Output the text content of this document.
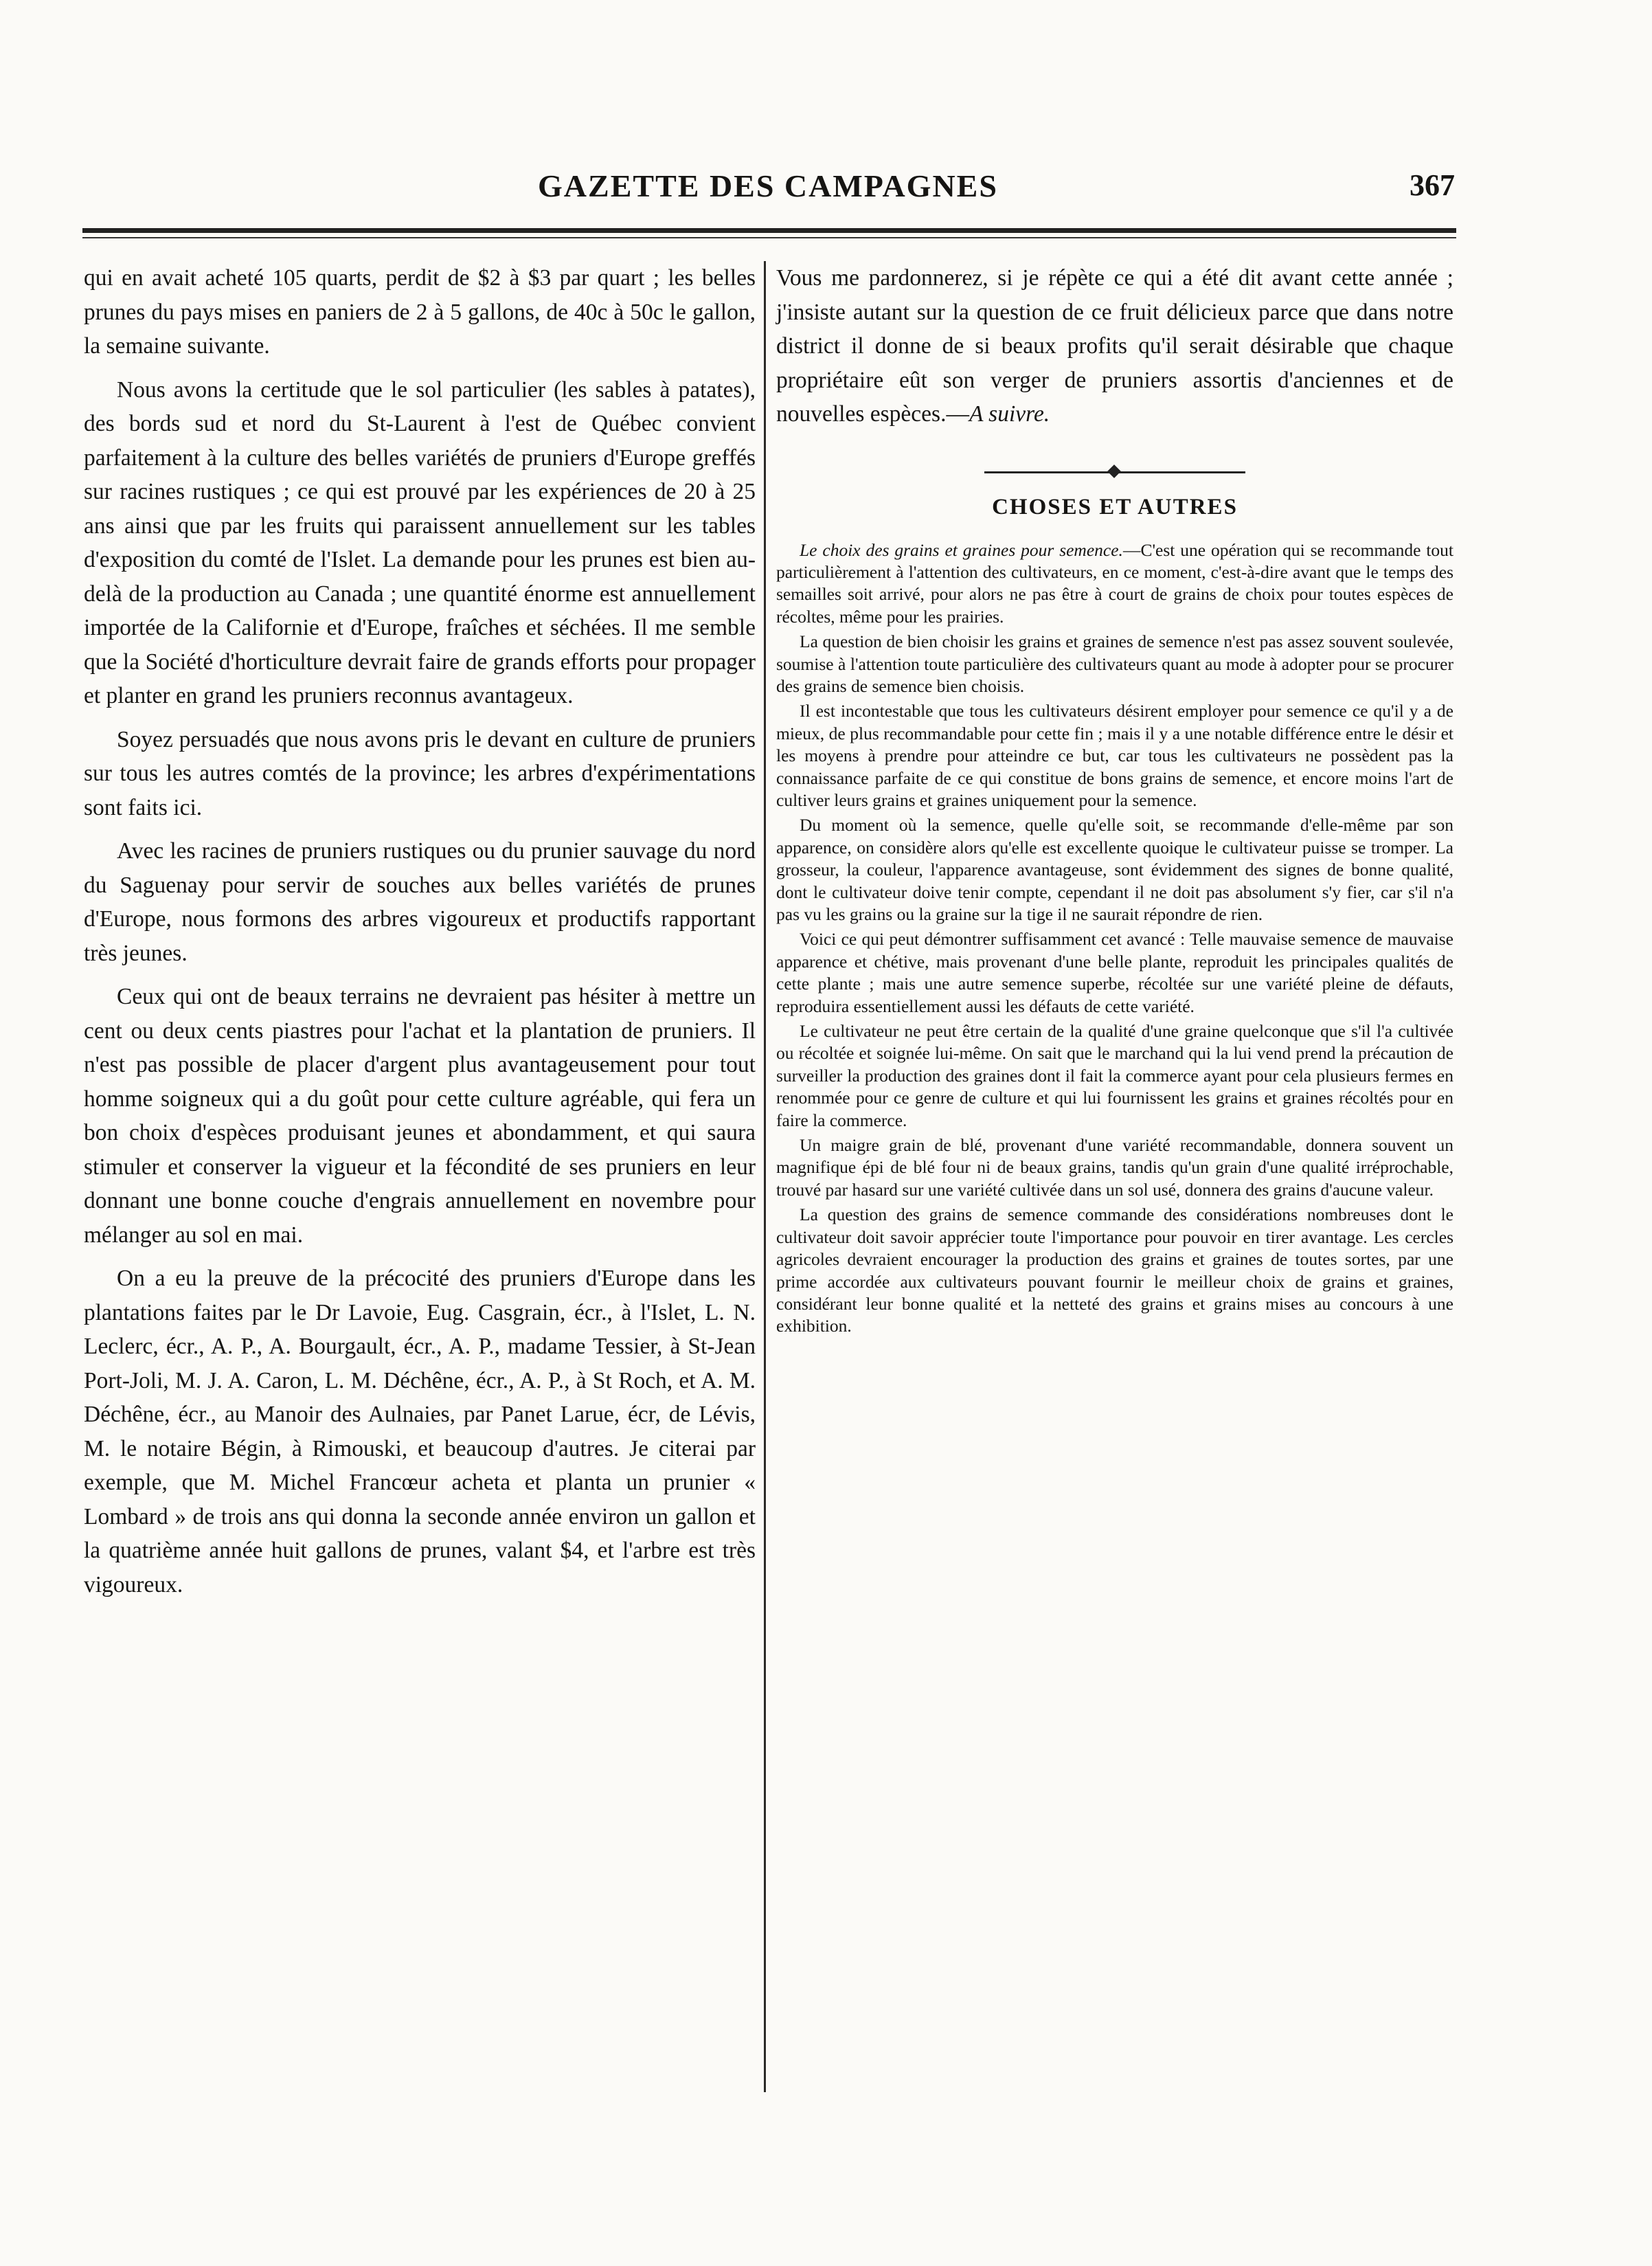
GAZETTE DES CAMPAGNES	367

qui en avait acheté 105 quarts, perdit de $2 à $3 par quart ; les belles prunes du pays mises en paniers de 2 à 5 gallons, de 40c à 50c le gallon, la semaine suivante.

Nous avons la certitude que le sol particulier (les sables à patates), des bords sud et nord du St-Laurent à l'est de Québec convient parfaitement à la culture des belles variétés de pruniers d'Europe greffés sur racines rustiques ; ce qui est prouvé par les expériences de 20 à 25 ans ainsi que par les fruits qui paraissent annuellement sur les tables d'exposition du comté de l'Islet. La demande pour les prunes est bien au-delà de la production au Canada ; une quantité énorme est annuellement importée de la Californie et d'Europe, fraîches et séchées. Il me semble que la Société d'horticulture devrait faire de grands efforts pour propager et planter en grand les pruniers reconnus avantageux.

Soyez persuadés que nous avons pris le devant en culture de pruniers sur tous les autres comtés de la province; les arbres d'expérimentations sont faits ici.

Avec les racines de pruniers rustiques ou du prunier sauvage du nord du Saguenay pour servir de souches aux belles variétés de prunes d'Europe, nous formons des arbres vigoureux et productifs rapportant très jeunes.

Ceux qui ont de beaux terrains ne devraient pas hésiter à mettre un cent ou deux cents piastres pour l'achat et la plantation de pruniers. Il n'est pas possible de placer d'argent plus avantageusement pour tout homme soigneux qui a du goût pour cette culture agréable, qui fera un bon choix d'espèces produisant jeunes et abondamment, et qui saura stimuler et conserver la vigueur et la fécondité de ses pruniers en leur donnant une bonne couche d'engrais annuellement en novembre pour mélanger au sol en mai.

On a eu la preuve de la précocité des pruniers d'Europe dans les plantations faites par le Dr Lavoie, Eug. Casgrain, écr., à l'Islet, L. N. Leclerc, écr., A. P., A. Bourgault, écr., A. P., madame Tessier, à St-Jean Port-Joli, M. J. A. Caron, L. M. Déchêne, écr., A. P., à St Roch, et A. M. Déchêne, écr., au Manoir des Aulnaies, par Panet Larue, écr, de Lévis, M. le notaire Bégin, à Rimouski, et beaucoup d'autres. Je citerai par exemple, que M. Michel Francœur acheta et planta un prunier « Lombard » de trois ans qui donna la seconde année environ un gallon et la quatrième année huit gallons de prunes, valant $4, et l'arbre est très vigoureux.

Vous me pardonnerez, si je répète ce qui a été dit avant cette année ; j'insiste autant sur la question de ce fruit délicieux parce que dans notre district il donne de si beaux profits qu'il serait désirable que chaque propriétaire eût son verger de pruniers assortis d'anciennes et de nouvelles espèces.—A suivre.

CHOSES ET AUTRES

Le choix des grains et graines pour semence.—C'est une opération qui se recommande tout particulièrement à l'attention des cultivateurs, en ce moment, c'est-à-dire avant que le temps des semailles soit arrivé, pour alors ne pas être à court de grains de choix pour toutes espèces de récoltes, même pour les prairies.

La question de bien choisir les grains et graines de semence n'est pas assez souvent soulevée, soumise à l'attention toute particulière des cultivateurs quant au mode à adopter pour se procurer des grains de semence bien choisis.

Il est incontestable que tous les cultivateurs désirent employer pour semence ce qu'il y a de mieux, de plus recommandable pour cette fin ; mais il y a une notable différence entre le désir et les moyens à prendre pour atteindre ce but, car tous les cultivateurs ne possèdent pas la connaissance parfaite de ce qui constitue de bons grains de semence, et encore moins l'art de cultiver leurs grains et graines uniquement pour la semence.

Du moment où la semence, quelle qu'elle soit, se recommande d'elle-même par son apparence, on considère alors qu'elle est excellente quoique le cultivateur puisse se tromper. La grosseur, la couleur, l'apparence avantageuse, sont évidemment des signes de bonne qualité, dont le cultivateur doive tenir compte, cependant il ne doit pas absolument s'y fier, car s'il n'a pas vu les grains ou la graine sur la tige il ne saurait répondre de rien.

Voici ce qui peut démontrer suffisamment cet avancé : Telle mauvaise semence de mauvaise apparence et chétive, mais provenant d'une belle plante, reproduit les principales qualités de cette plante ; mais une autre semence superbe, récoltée sur une variété pleine de défauts, reproduira essentiellement aussi les défauts de cette variété.

Le cultivateur ne peut être certain de la qualité d'une graine quelconque que s'il l'a cultivée ou récoltée et soignée lui-même. On sait que le marchand qui la lui vend prend la précaution de surveiller la production des graines dont il fait la commerce ayant pour cela plusieurs fermes en renommée pour ce genre de culture et qui lui fournissent les grains et graines récoltés pour en faire la commerce.

Un maigre grain de blé, provenant d'une variété recommandable, donnera souvent un magnifique épi de blé four ni de beaux grains, tandis qu'un grain d'une qualité irréprochable, trouvé par hasard sur une variété cultivée dans un sol usé, donnera des grains d'aucune valeur.

La question des grains de semence commande des considérations nombreuses dont le cultivateur doit savoir apprécier toute l'importance pour pouvoir en tirer avantage. Les cercles agricoles devraient encourager la production des grains et graines de toutes sortes, par une prime accordée aux cultivateurs pouvant fournir le meilleur choix de grains et graines, considérant leur bonne qualité et la netteté des grains et grains mises au concours à une exhibition.
